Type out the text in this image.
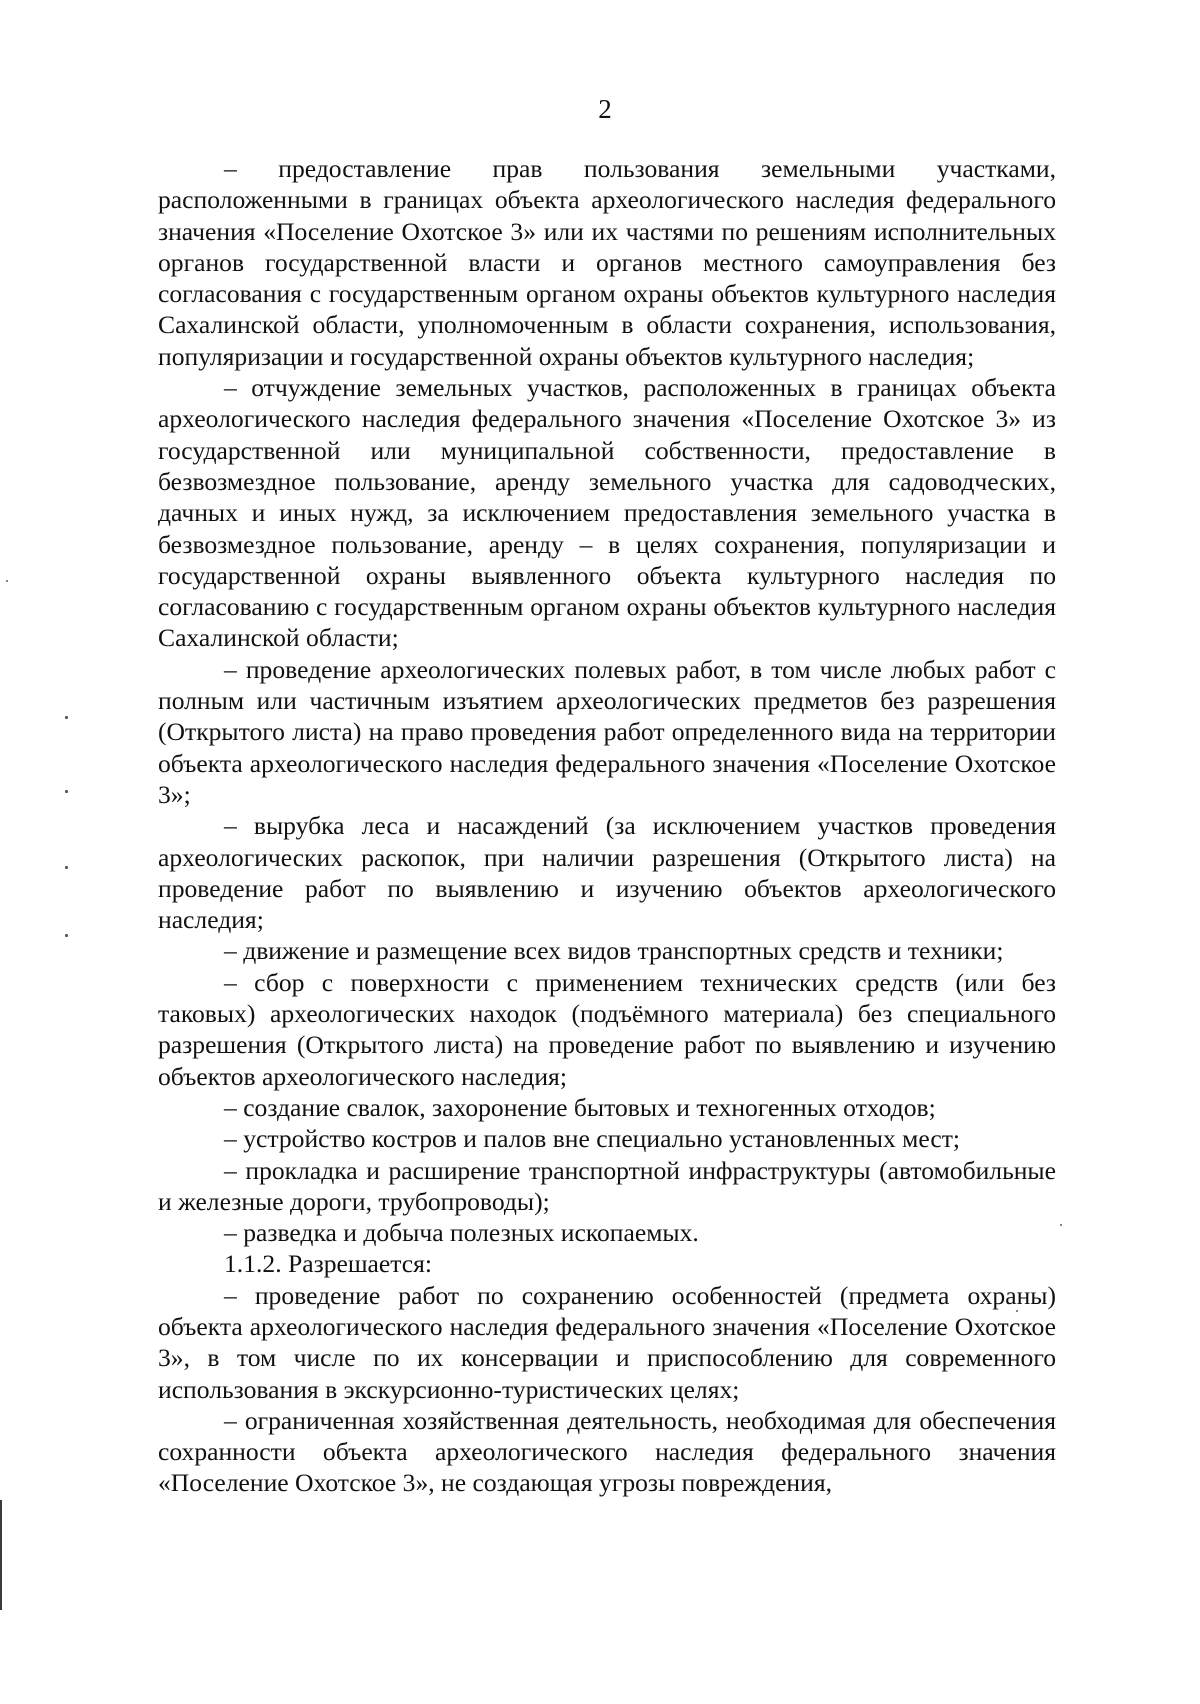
2

– предоставление прав пользования земельными участками, расположенными в границах объекта археологического наследия федерального значения «Поселение Охотское 3» или их частями по решениям исполнительных органов государственной власти и органов местного самоуправления без согласования с государственным органом охраны объектов культурного наследия Сахалинской области, уполномоченным в области сохранения, использования, популяризации и государственной охраны объектов культурного наследия;

– отчуждение земельных участков, расположенных в границах объекта археологического наследия федерального значения «Поселение Охотское 3» из государственной или муниципальной собственности, предоставление в безвозмездное пользование, аренду земельного участка для садоводческих, дачных и иных нужд, за исключением предоставления земельного участка в безвозмездное пользование, аренду – в целях сохранения, популяризации и государственной охраны выявленного объекта культурного наследия по согласованию с государственным органом охраны объектов культурного наследия Сахалинской области;

– проведение археологических полевых работ, в том числе любых работ с полным или частичным изъятием археологических предметов без разрешения (Открытого листа) на право проведения работ определенного вида на территории объекта археологического наследия федерального значения «Поселение Охотское 3»;

– вырубка леса и насаждений (за исключением участков проведения археологических раскопок, при наличии разрешения (Открытого листа) на проведение работ по выявлению и изучению объектов археологического наследия;

– движение и размещение всех видов транспортных средств и техники;

– сбор с поверхности с применением технических средств (или без таковых) археологических находок (подъёмного материала) без специального разрешения (Открытого листа) на проведение работ по выявлению и изучению объектов археологического наследия;

– создание свалок, захоронение бытовых и техногенных отходов;

– устройство костров и палов вне специально установленных мест;

– прокладка и расширение транспортной инфраструктуры (автомобильные и железные дороги, трубопроводы);

– разведка и добыча полезных ископаемых.

1.1.2. Разрешается:

– проведение работ по сохранению особенностей (предмета охраны) объекта археологического наследия федерального значения «Поселение Охотское 3», в том числе по их консервации и приспособлению для современного использования в экскурсионно-туристических целях;

– ограниченная хозяйственная деятельность, необходимая для обеспечения сохранности объекта археологического наследия федерального значения «Поселение Охотское 3», не создающая угрозы повреждения,
